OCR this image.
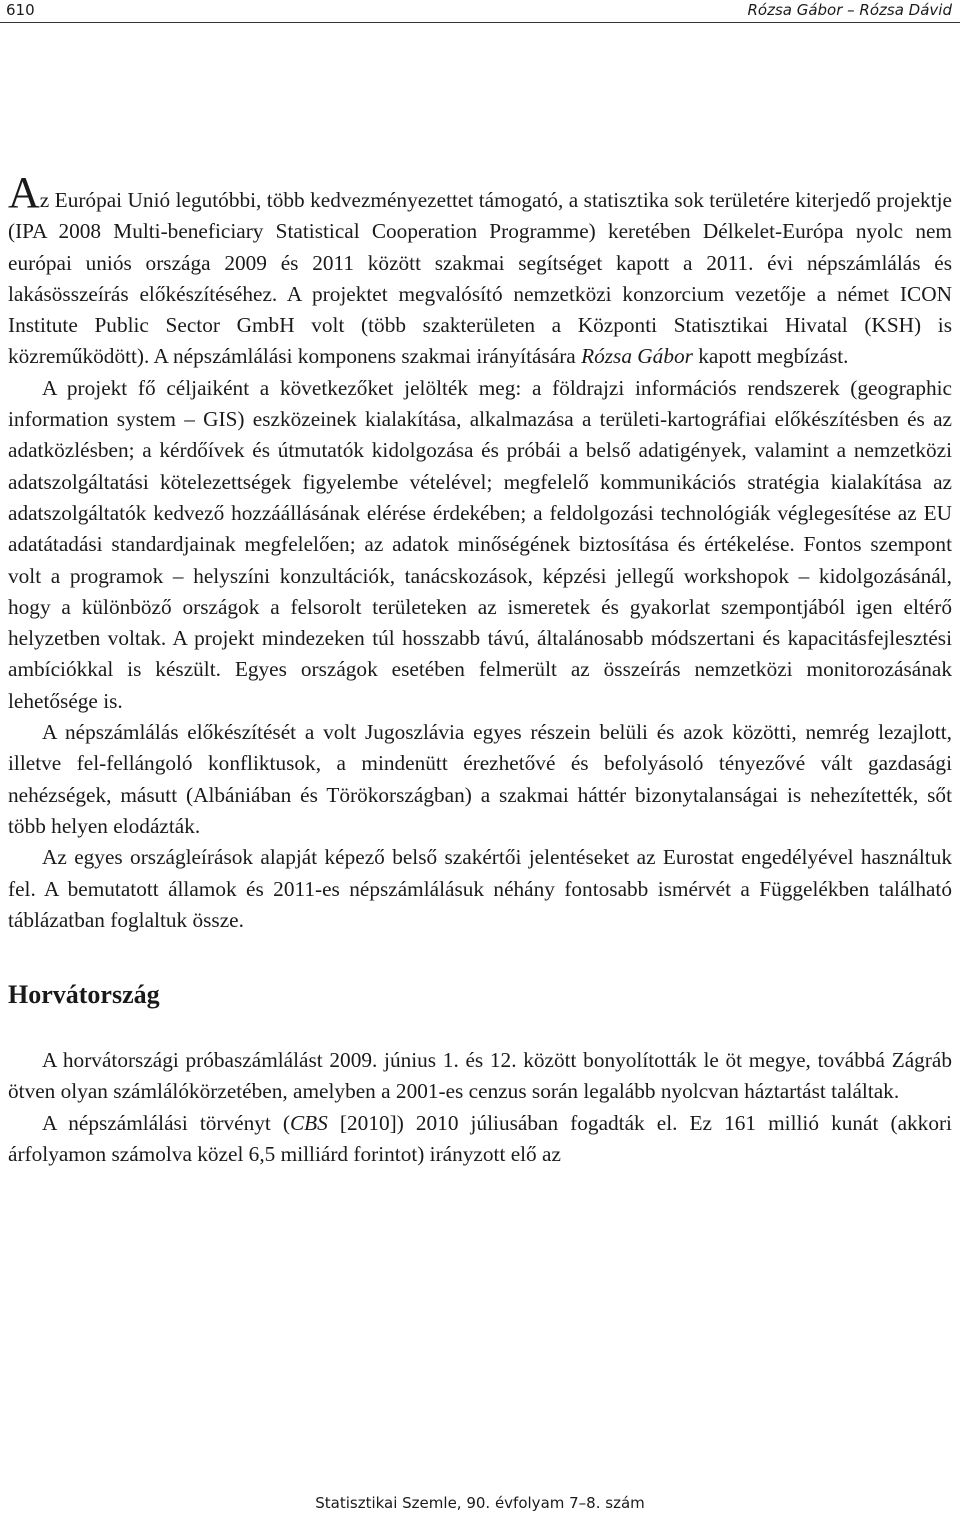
610	Rózsa Gábor – Rózsa Dávid

Az Európai Unió legutóbbi, több kedvezményezettet támogató, a statisztika sok területére kiterjedő projektje (IPA 2008 Multi-beneficiary Statistical Cooperation Programme) keretében Délkelet-Európa nyolc nem európai uniós országa 2009 és 2011 között szakmai segítséget kapott a 2011. évi népszámlálás és lakásösszeírás előkészítéséhez. A projektet megvalósító nemzetközi konzorcium vezetője a német ICON Institute Public Sector GmbH volt (több szakterületen a Központi Statisztikai Hivatal (KSH) is közreműködött). A népszámlálási komponens szakmai irányítására Rózsa Gábor kapott megbízást.

A projekt fő céljaiként a következőket jelölték meg: a földrajzi információs rendszerek (geographic information system – GIS) eszközeinek kialakítása, alkalmazása a területi-kartográfiai előkészítésben és az adatközlésben; a kérdőívek és útmutatók kidolgozása és próbái a belső adatigények, valamint a nemzetközi adatszolgáltatási kötelezettségek figyelembe vételével; megfelelő kommunikációs stratégia kialakítása az adatszolgáltatók kedvező hozzáállásának elérése érdekében; a feldolgozási technológiák véglegesítése az EU adatátadási standardjainak megfelelően; az adatok minőségének biztosítása és értékelése. Fontos szempont volt a programok – helyszíni konzultációk, tanácskozások, képzési jellegű workshopok – kidolgozásánál, hogy a különböző országok a felsorolt területeken az ismeretek és gyakorlat szempontjából igen eltérő helyzetben voltak. A projekt mindezeken túl hosszabb távú, általánosabb módszertani és kapacitásfejlesztési ambíciókkal is készült. Egyes országok esetében felmerült az összeírás nemzetközi monitorozásának lehetősége is.

A népszámlálás előkészítését a volt Jugoszlávia egyes részein belüli és azok közötti, nemrég lezajlott, illetve fel-fellángoló konfliktusok, a mindenütt érezhetővé és befolyásoló tényezővé vált gazdasági nehézségek, másutt (Albániában és Törökországban) a szakmai háttér bizonytalanságai is nehezítették, sőt több helyen elodázták.

Az egyes országleírások alapját képező belső szakértői jelentéseket az Eurostat engedélyével használtuk fel. A bemutatott államok és 2011-es népszámlálásuk néhány fontosabb ismérvét a Függelékben található táblázatban foglaltuk össze.

Horvátország

A horvátországi próbaszámlálást 2009. június 1. és 12. között bonyolították le öt megye, továbbá Zágráb ötven olyan számlálókörzetében, amelyben a 2001-es cenzus során legalább nyolcvan háztartást találtak.

A népszámlálási törvényt (CBS [2010]) 2010 júliusában fogadták el. Ez 161 millió kunát (akkori árfolyamon számolva közel 6,5 milliárd forintot) irányzott elő az

Statisztikai Szemle, 90. évfolyam 7–8. szám
